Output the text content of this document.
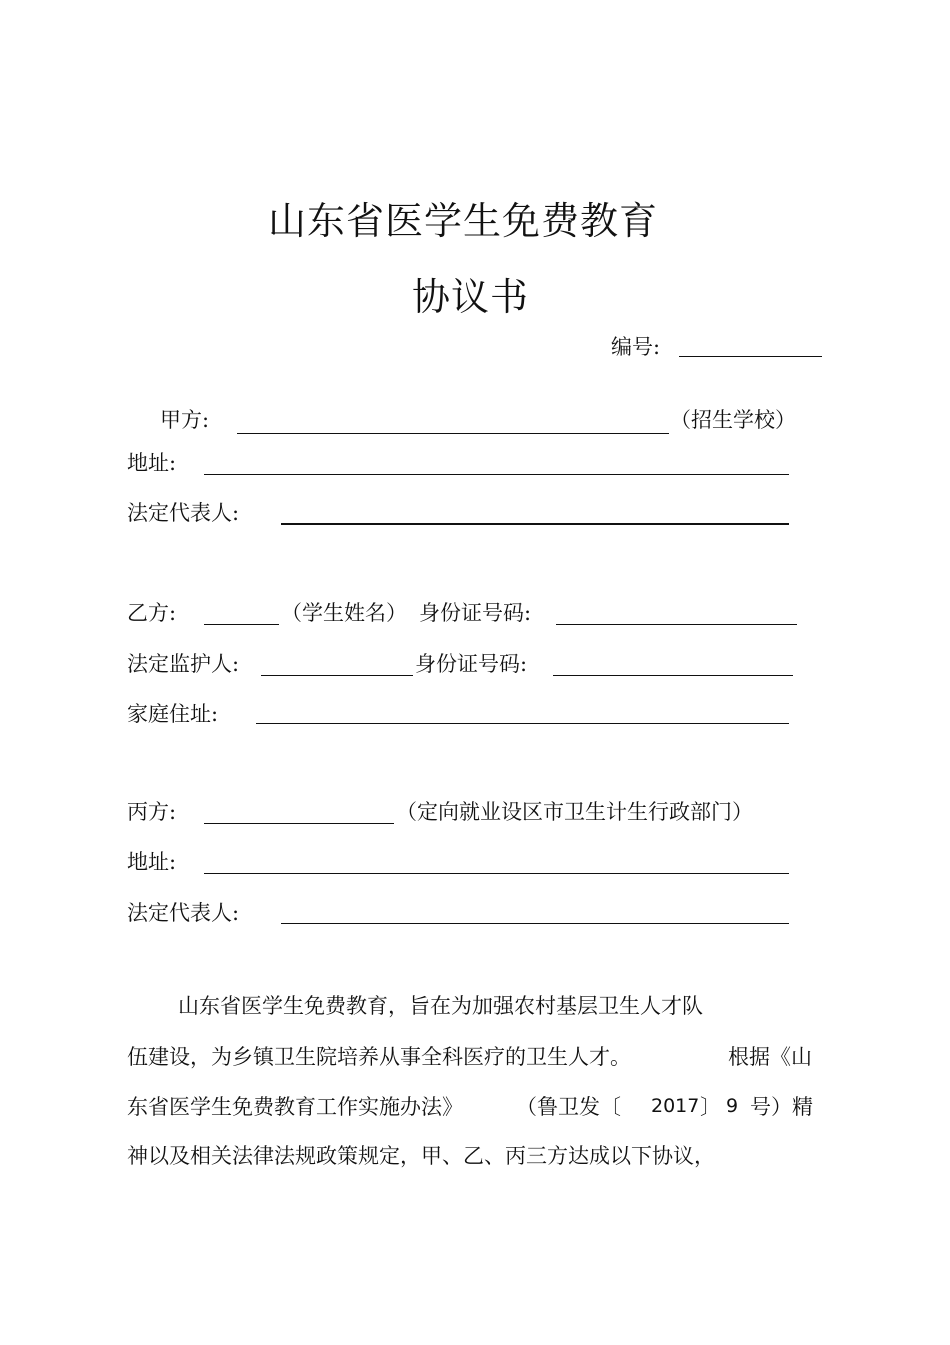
山东省医学生免费教育
协议书
编号:
甲方:	（招生学校）
地址:
法定代表人:
乙方:	（学生姓名） 身份证号码:
法定监护人:	身份证号码:
家庭住址:
丙方:	（定向就业设区市卫生计生行政部门）
地址:
法定代表人:
山东省医学生免费教育，旨在为加强农村基层卫生人才队
伍建设，为乡镇卫生院培养从事全科医疗的卫生人才。	根据《山
东省医学生免费教育工作实施办法》	（鲁卫发〔 2017 〕 9 号）精
神以及相关法律法规政策规定，甲、乙、丙三方达成以下协议，
